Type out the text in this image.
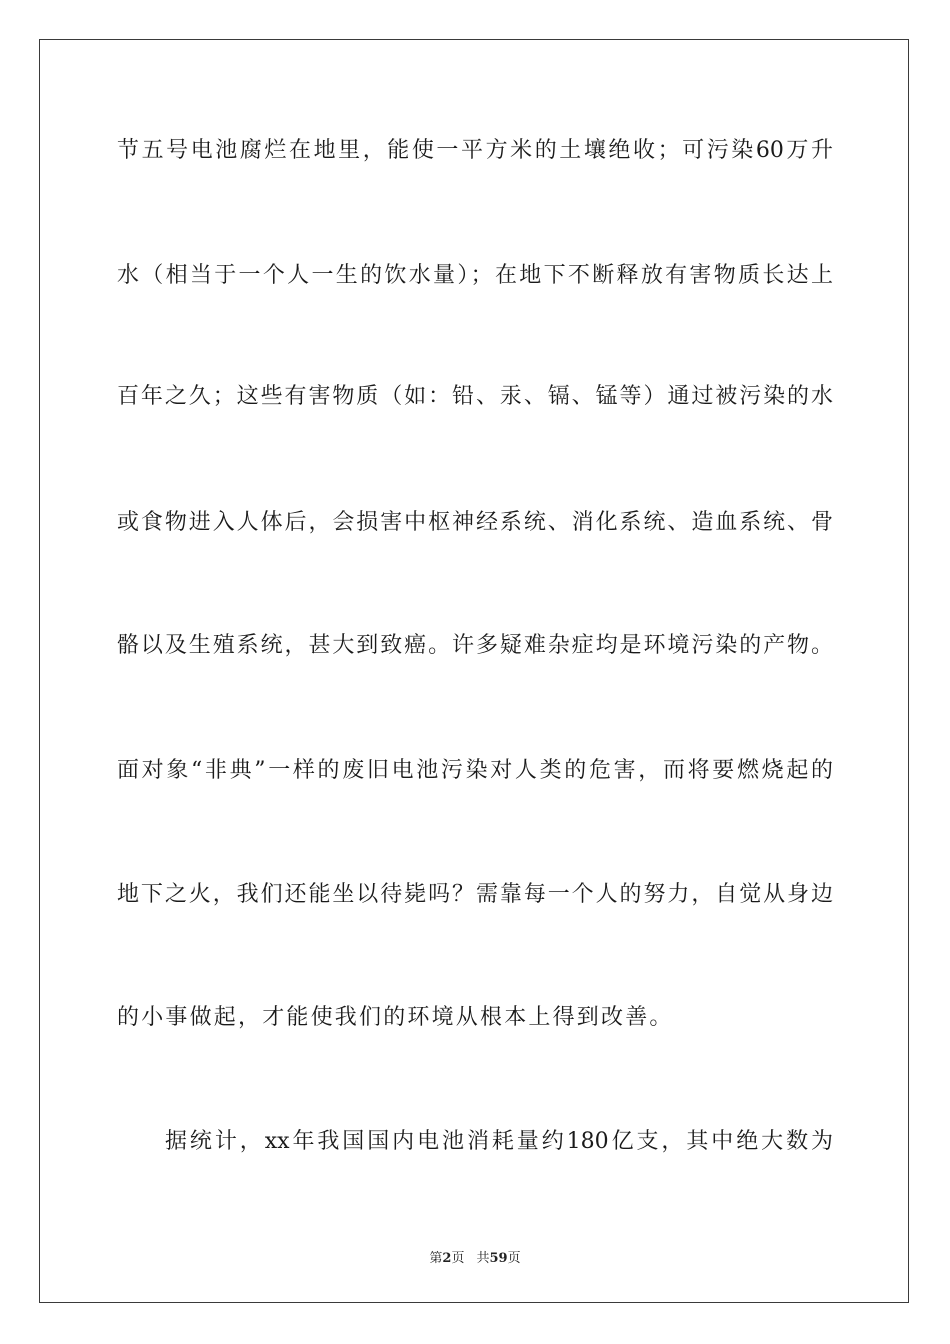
节五号电池腐烂在地里，能使一平方米的土壤绝收；可污染60万升
水（相当于一个人一生的饮水量）；在地下不断释放有害物质长达上
百年之久；这些有害物质（如：铅、汞、镉、锰等）通过被污染的水
或食物进入人体后，会损害中枢神经系统、消化系统、造血系统、骨
骼以及生殖系统，甚大到致癌。许多疑难杂症均是环境污染的产物。
面对象“非典”一样的废旧电池污染对人类的危害，而将要燃烧起的
地下之火，我们还能坐以待毙吗？需靠每一个人的努力，自觉从身边
的小事做起，才能使我们的环境从根本上得到改善。
据统计，xx年我国国内电池消耗量约180亿支，其中绝大数为
第2页 共59页
